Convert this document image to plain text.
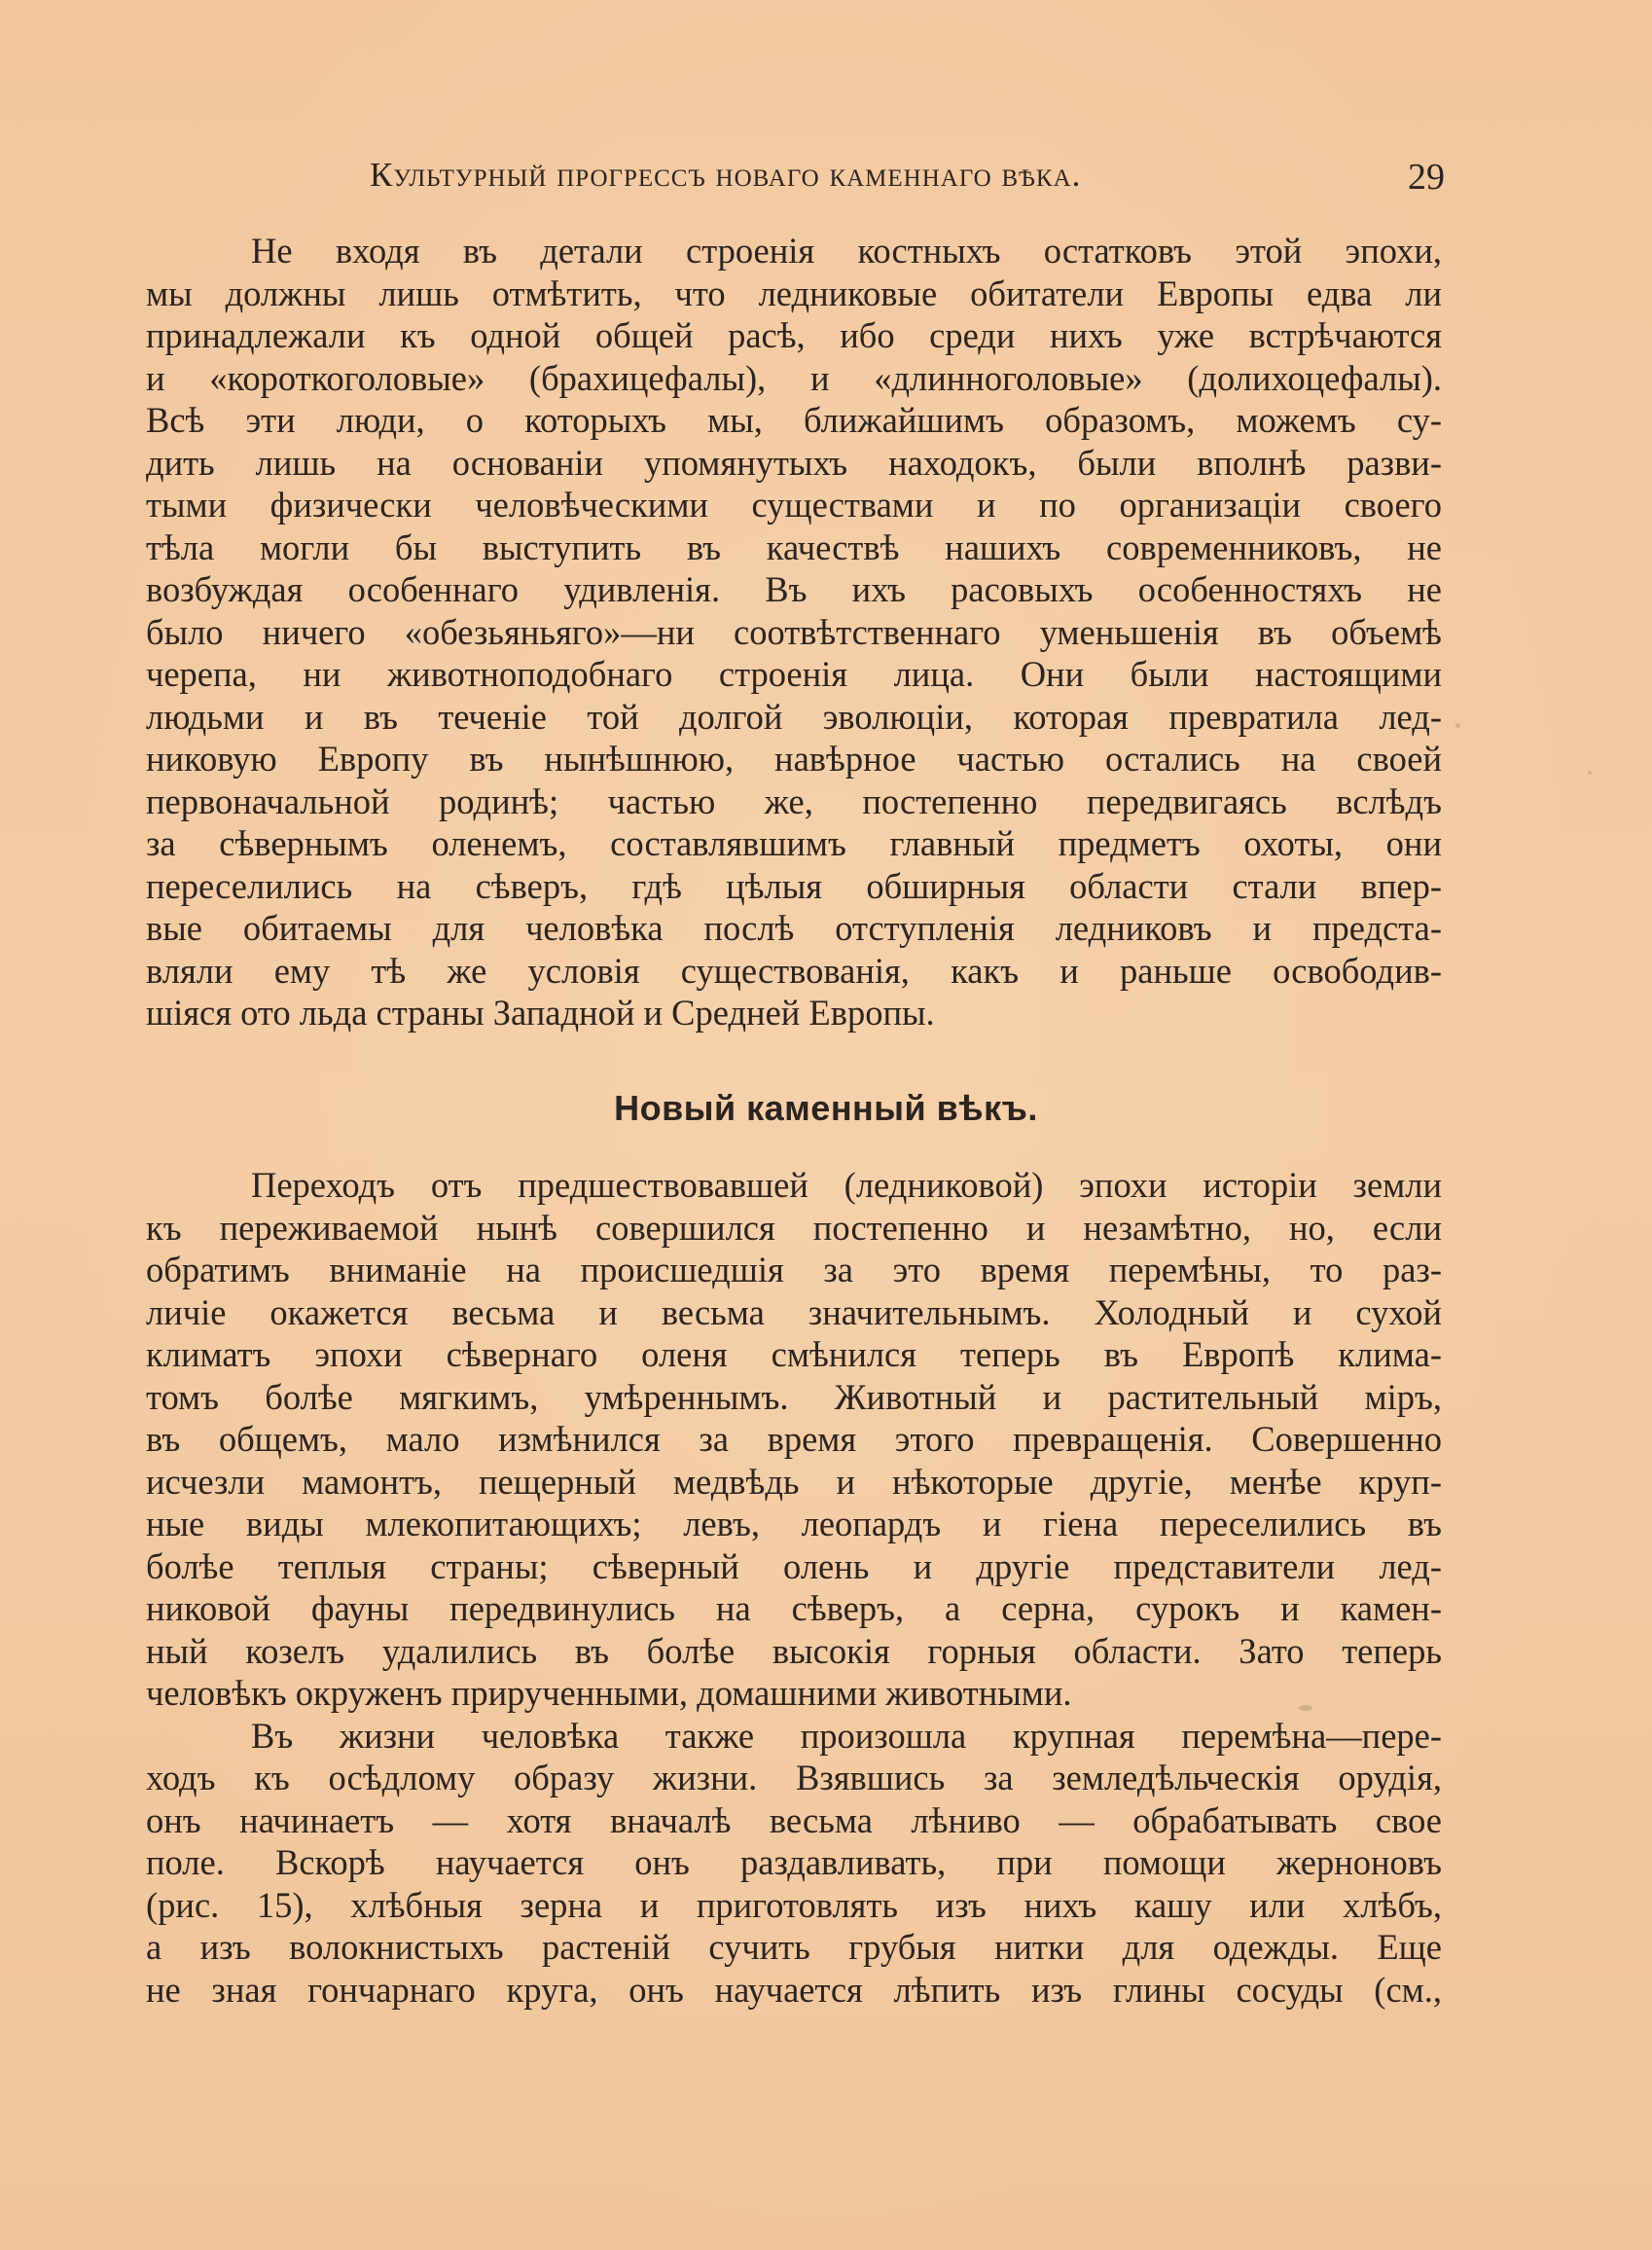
Культурный прогрессъ новаго каменнаго вѣка.	29
Не входя въ детали строенія костныхъ остатковъ этой эпохи,
мы должны лишь отмѣтить, что ледниковые обитатели Европы едва ли
принадлежали къ одной общей расѣ, ибо среди нихъ уже встрѣчаются
и «короткоголовые» (брахицефалы), и «длинноголовые» (долихоцефалы).
Всѣ эти люди, о которыхъ мы, ближайшимъ образомъ, можемъ су-
дить лишь на основаніи упомянутыхъ находокъ, были вполнѣ разви-
тыми физически человѣческими существами и по организаціи своего
тѣла могли бы выступить въ качествѣ нашихъ современниковъ, не
возбуждая особеннаго удивленія. Въ ихъ расовыхъ особенностяхъ не
было ничего «обезьяньяго»—ни соотвѣтственнаго уменьшенія въ объемѣ
черепа, ни животноподобнаго строенія лица. Они были настоящими
людьми и въ теченіе той долгой эволюціи, которая превратила лед-
никовую Европу въ нынѣшнюю, навѣрное частью остались на своей
первоначальной родинѣ; частью же, постепенно передвигаясь вслѣдъ
за сѣвернымъ оленемъ, составлявшимъ главный предметъ охоты, они
переселились на сѣверъ, гдѣ цѣлыя обширныя области стали впер-
вые обитаемы для человѣка послѣ отступленія ледниковъ и предста-
вляли ему тѣ же условія существованія, какъ и раньше освободив-
шіяся ото льда страны Западной и Средней Европы.
Новый каменный вѣкъ.
Переходъ отъ предшествовавшей (ледниковой) эпохи исторіи земли
къ переживаемой нынѣ совершился постепенно и незамѣтно, но, если
обратимъ вниманіе на происшедшія за это время перемѣны, то раз-
личіе окажется весьма и весьма значительнымъ. Холодный и сухой
климатъ эпохи сѣвернаго оленя смѣнился теперь въ Европѣ клима-
томъ болѣе мягкимъ, умѣреннымъ. Животный и растительный міръ,
въ общемъ, мало измѣнился за время этого превращенія. Совершенно
исчезли мамонтъ, пещерный медвѣдь и нѣкоторые другіе, менѣе круп-
ные виды млекопитающихъ; левъ, леопардъ и гіена переселились въ
болѣе теплыя страны; сѣверный олень и другіе представители лед-
никовой фауны передвинулись на сѣверъ, а серна, сурокъ и камен-
ный козелъ удалились въ болѣе высокія горныя области. Зато теперь
человѣкъ окруженъ прирученными, домашними животными.
Въ жизни человѣка также произошла крупная перемѣна—пере-
ходъ къ осѣдлому образу жизни. Взявшись за земледѣльческія орудія,
онъ начинаетъ — хотя вначалѣ весьма лѣниво — обрабатывать свое
поле. Вскорѣ научается онъ раздавливать, при помощи жерноновъ
(рис. 15), хлѣбныя зерна и приготовлять изъ нихъ кашу или хлѣбъ,
а изъ волокнистыхъ растеній сучить грубыя нитки для одежды. Еще
не зная гончарнаго круга, онъ научается лѣпить изъ глины сосуды (см.,
